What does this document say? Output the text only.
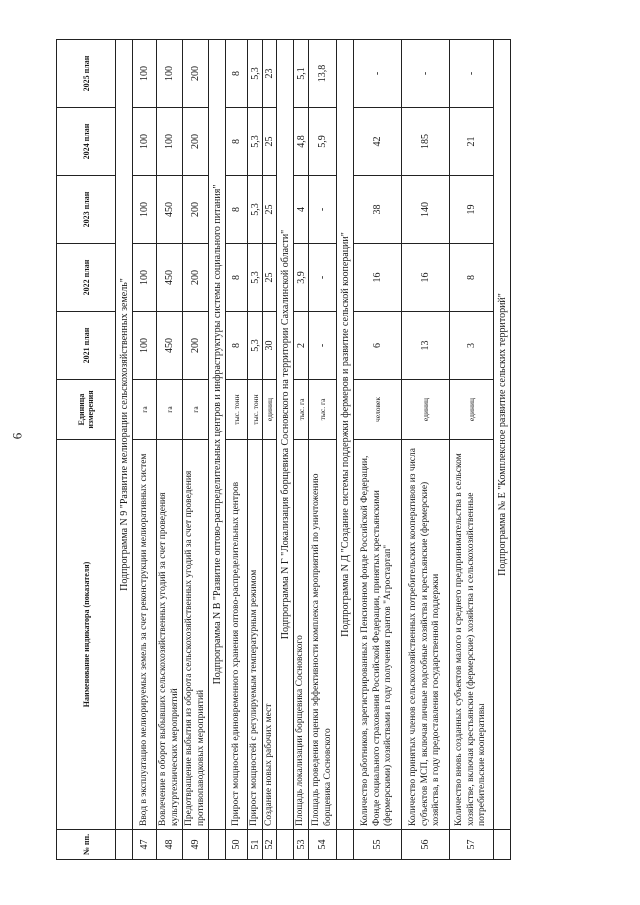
6
№ пп.	Наименование индикатора (показателя)	Единица измерения	2021 план	2022 план	2023 план	2024 план	2025 план
	Подпрограмма N 9 "Развитие мелиорации сельскохозяйственных земель"						
47	Ввод в эксплуатацию мелиорируемых земель за счет реконструкции мелиоративных систем	га	100	100	100	100	100
48	Вовлечение в оборот выбывших сельскохозяйственных угодий за счет проведения культуртехнических мероприятий	га	450	450	450	100	100
49	Предотвращение выбытия из оборота сельскохозяйственных угодий за счет проведения противопаводковых мероприятий	га	200	200	200	200	200
	Подпрограмма N В "Развитие оптово-распределительных центров и инфраструктуры системы социального питания"						
50	Прирост мощностей единовременного хранения оптово-распределительных центров	тыс. тонн	8	8	8	8	8
51	Прирост мощностей с регулируемым температурным режимом	тыс. тонн	5,3	5,3	5,3	5,3	5,3
52	Создание новых рабочих мест	единиц	30	25	25	25	23
	Подпрограмма N Г "Локализация борщевика Сосновского на территории Сахалинской области"						
53	Площадь локализации борщевика Сосновского	тыс. га	2	3,9	4	4,8	5,1
54	Площадь проведения оценки эффективности комплекса мероприятий по уничтожению борщевика Сосновского	тыс. га	-	-	-	5,9	13,8
	Подпрограмма N Д "Создание системы поддержки фермеров и развитие сельской кооперации"						
55	Количество работников, зарегистрированных в Пенсионном фонде Российской Федерации, Фонде социального страхования Российской Федерации, принятых крестьянскими (фермерскими) хозяйствами в году получения грантов "Агростартап"	человек	6	16	38	42	-
56	Количество принятых членов сельскохозяйственных потребительских кооперативов из числа субъектов МСП, включая личные подсобные хозяйства и крестьянские (фермерские) хозяйства, в году предоставления государственной поддержки	единиц	13	16	140	185	-
57	Количество вновь созданных субъектов малого и среднего предпринимательства в сельском хозяйстве, включая крестьянские (фермерские) хозяйства и сельскохозяйственные потребительские кооперативы	единиц	3	8	19	21	-
	Подпрограмма № Е "Комплексное развитие сельских территорий"						
